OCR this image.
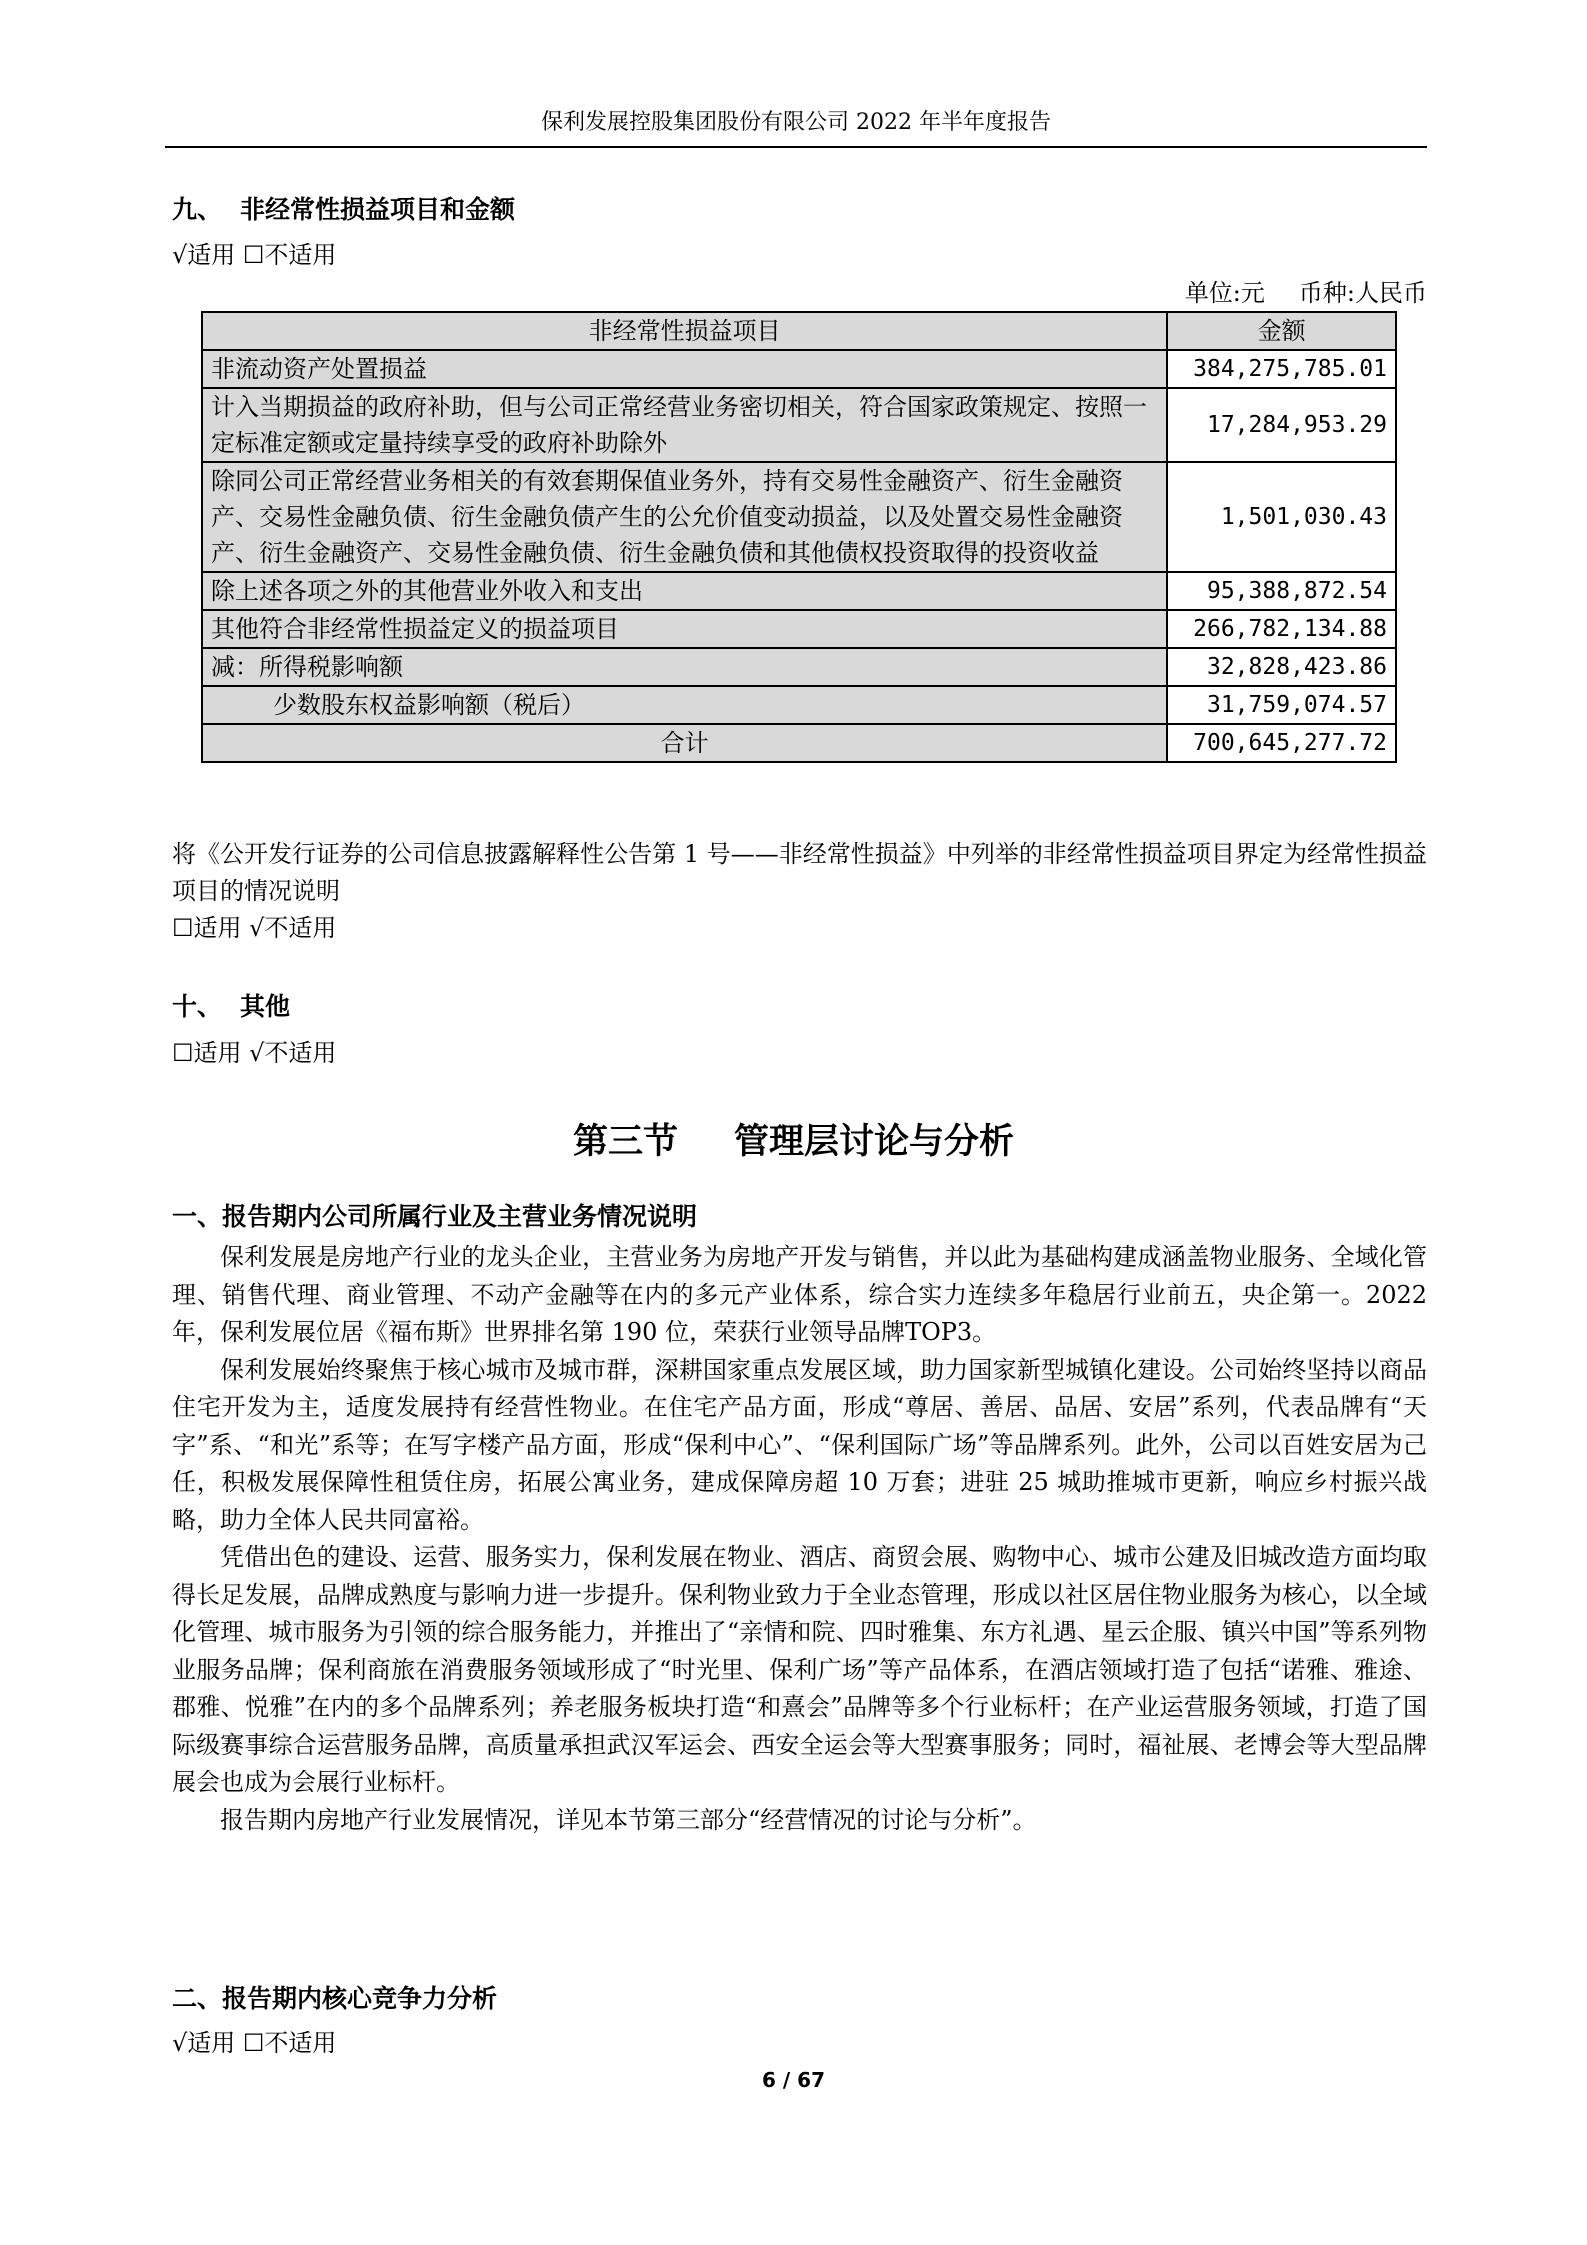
保利发展控股集团股份有限公司 2022 年半年度报告
九、 非经常性损益项目和金额
√适用 ☐不适用
单位:元 币种:人民币
非经常性损益项目	金额
非流动资产处置损益	384,275,785.01
计入当期损益的政府补助，但与公司正常经营业务密切相关，符合国家政策规定、按照一定标准定额或定量持续享受的政府补助除外	17,284,953.29
除同公司正常经营业务相关的有效套期保值业务外，持有交易性金融资产、衍生金融资产、交易性金融负债、衍生金融负债产生的公允价值变动损益，以及处置交易性金融资产、衍生金融资产、交易性金融负债、衍生金融负债和其他债权投资取得的投资收益	1,501,030.43
除上述各项之外的其他营业外收入和支出	95,388,872.54
其他符合非经常性损益定义的损益项目	266,782,134.88
减：所得税影响额	32,828,423.86
少数股东权益影响额（税后）	31,759,074.57
合计	700,645,277.72
将《公开发行证券的公司信息披露解释性公告第 1 号——非经常性损益》中列举的非经常性损益项目界定为经常性损益项目的情况说明
☐适用 √不适用
十、 其他
☐适用 √不适用
第三节 管理层讨论与分析
一、报告期内公司所属行业及主营业务情况说明

保利发展是房地产行业的龙头企业，主营业务为房地产开发与销售，并以此为基础构建成涵盖物业服务、全域化管理、销售代理、商业管理、不动产金融等在内的多元产业体系，综合实力连续多年稳居行业前五，央企第一。2022 年，保利发展位居《福布斯》世界排名第 190 位，荣获行业领导品牌TOP3。

保利发展始终聚焦于核心城市及城市群，深耕国家重点发展区域，助力国家新型城镇化建设。公司始终坚持以商品住宅开发为主，适度发展持有经营性物业。在住宅产品方面，形成“尊居、善居、品居、安居”系列，代表品牌有“天字”系、“和光”系等；在写字楼产品方面，形成“保利中心”、“保利国际广场”等品牌系列。此外，公司以百姓安居为己任，积极发展保障性租赁住房，拓展公寓业务，建成保障房超 10 万套；进驻 25 城助推城市更新，响应乡村振兴战略，助力全体人民共同富裕。

凭借出色的建设、运营、服务实力，保利发展在物业、酒店、商贸会展、购物中心、城市公建及旧城改造方面均取得长足发展，品牌成熟度与影响力进一步提升。保利物业致力于全业态管理，形成以社区居住物业服务为核心，以全域化管理、城市服务为引领的综合服务能力，并推出了“亲情和院、四时雅集、东方礼遇、星云企服、镇兴中国”等系列物业服务品牌；保利商旅在消费服务领域形成了“时光里、保利广场”等产品体系，在酒店领域打造了包括“诺雅、雅途、郡雅、悦雅”在内的多个品牌系列；养老服务板块打造“和熹会”品牌等多个行业标杆；在产业运营服务领域，打造了国际级赛事综合运营服务品牌，高质量承担武汉军运会、西安全运会等大型赛事服务；同时，福祉展、老博会等大型品牌展会也成为会展行业标杆。

报告期内房地产行业发展情况，详见本节第三部分“经营情况的讨论与分析”。

二、报告期内核心竞争力分析
√适用 ☐不适用
6 / 67
